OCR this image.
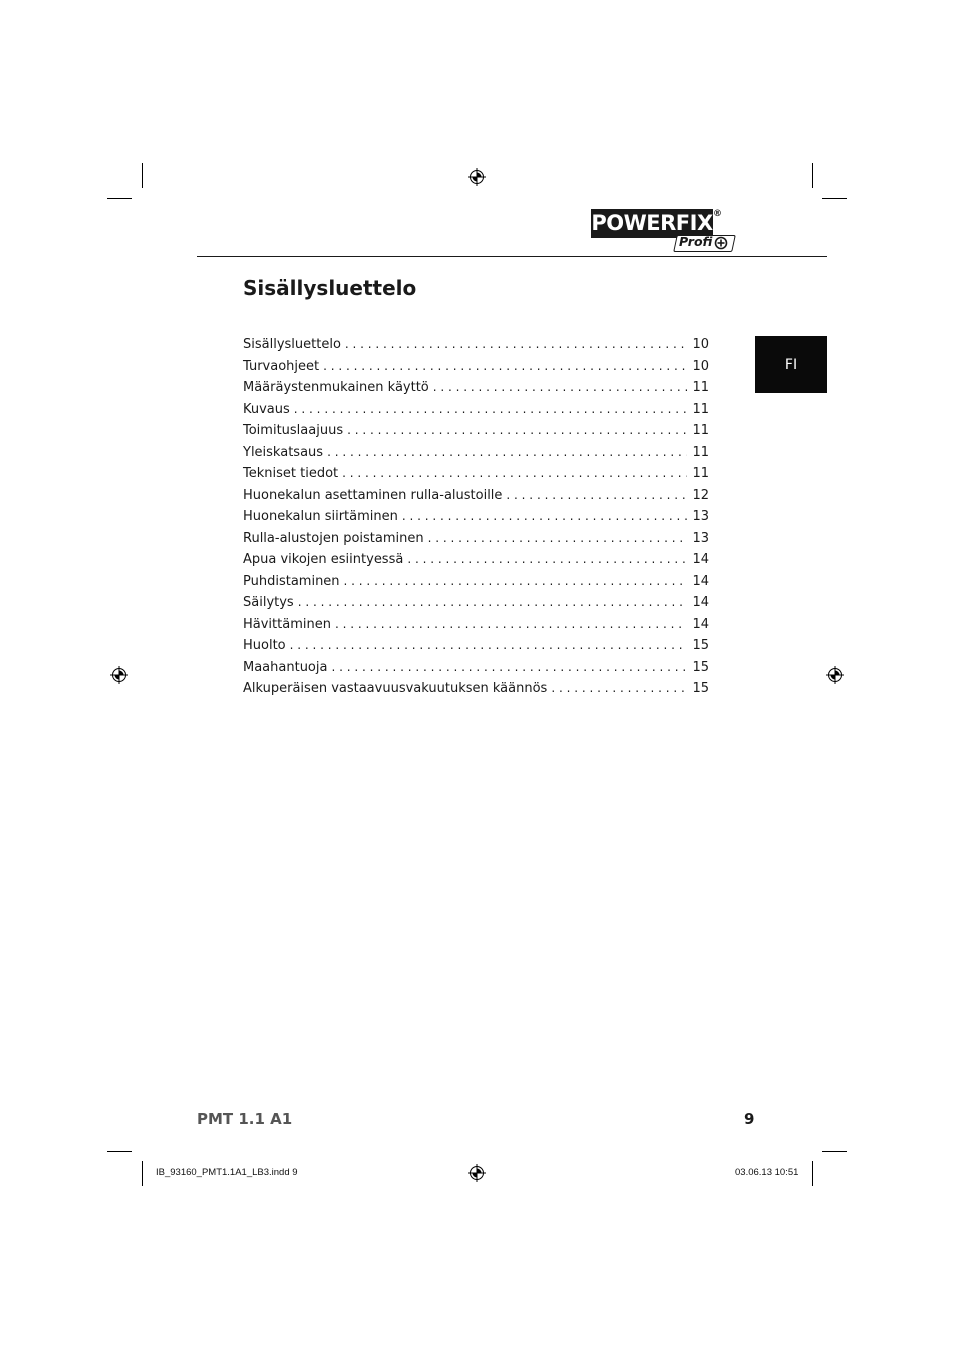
POWERFIX ®
Profi
Sisällysluettelo
FI
Sisällysluettelo . . .	10
Turvaohjeet . . .	10
Määräystenmukainen käyttö . . .	11
Kuvaus . . .	11
Toimituslaajuus . . .	11
Yleiskatsaus . . .	11
Tekniset tiedot . . .	11
Huonekalun asettaminen rulla-alustoille . . .	12
Huonekalun siirtäminen . . .	13
Rulla-alustojen poistaminen . . .	13
Apua vikojen esiintyessä . . .	14
Puhdistaminen . . .	14
Säilytys . . .	14
Hävittäminen . . .	14
Huolto . . .	15
Maahantuoja . . .	15
Alkuperäisen vastaavuusvakuutuksen käännös . . .	15
PMT 1.1 A1	9
IB_93160_PMT1.1A1_LB3.indd 9	03.06.13 10:51
